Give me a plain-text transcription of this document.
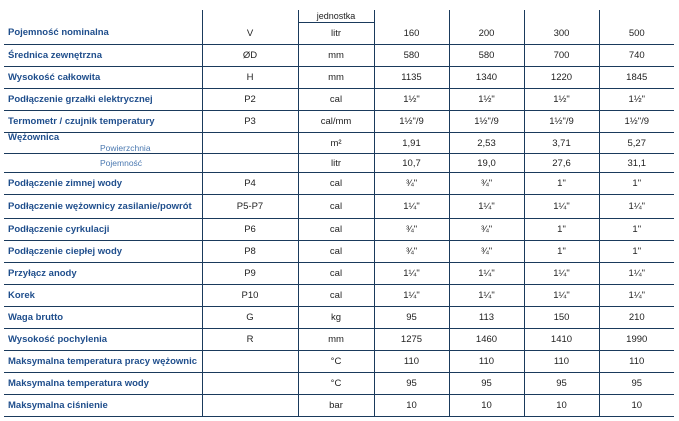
		jednostka				
Pojemność nominalna	V	litr	160	200	300	500
Średnica zewnętrzna	ØD	mm	580	580	700	740
Wysokość całkowita	H	mm	1135	1340	1220	1845
Podłączenie grzałki elektrycznej	P2	cal	1½"	1½"	1½"	1½"
Termometr / czujnik temperatury	P3	cal/mm	1½"/9	1½"/9	1½"/9	1½"/9

Wężownica
Powierzchnia		m²	1,91	2,53	3,71	5,27

Pojemność		litr	10,7	19,0	27,6	31,1
Podłączenie zimnej wody	P4	cal	¾"	¾"	1"	1"
Podłączenie wężownicy zasilanie/powrót	P5-P7	cal	1¼"	1¼"	1¼"	1¼"
Podłączenie cyrkulacji	P6	cal	¾"	¾"	1"	1"
Podłączenie ciepłej wody	P8	cal	¾"	¾"	1"	1"
Przyłącz anody	P9	cal	1¼"	1¼"	1¼"	1¼"
Korek	P10	cal	1¼"	1¼"	1¼"	1¼"
Waga brutto	G	kg	95	113	150	210
Wysokość pochylenia	R	mm	1275	1460	1410	1990
Maksymalna temperatura pracy wężownic		°C	110	110	110	110
Maksymalna temperatura wody		°C	95	95	95	95
Maksymalna ciśnienie		bar	10	10	10	10
